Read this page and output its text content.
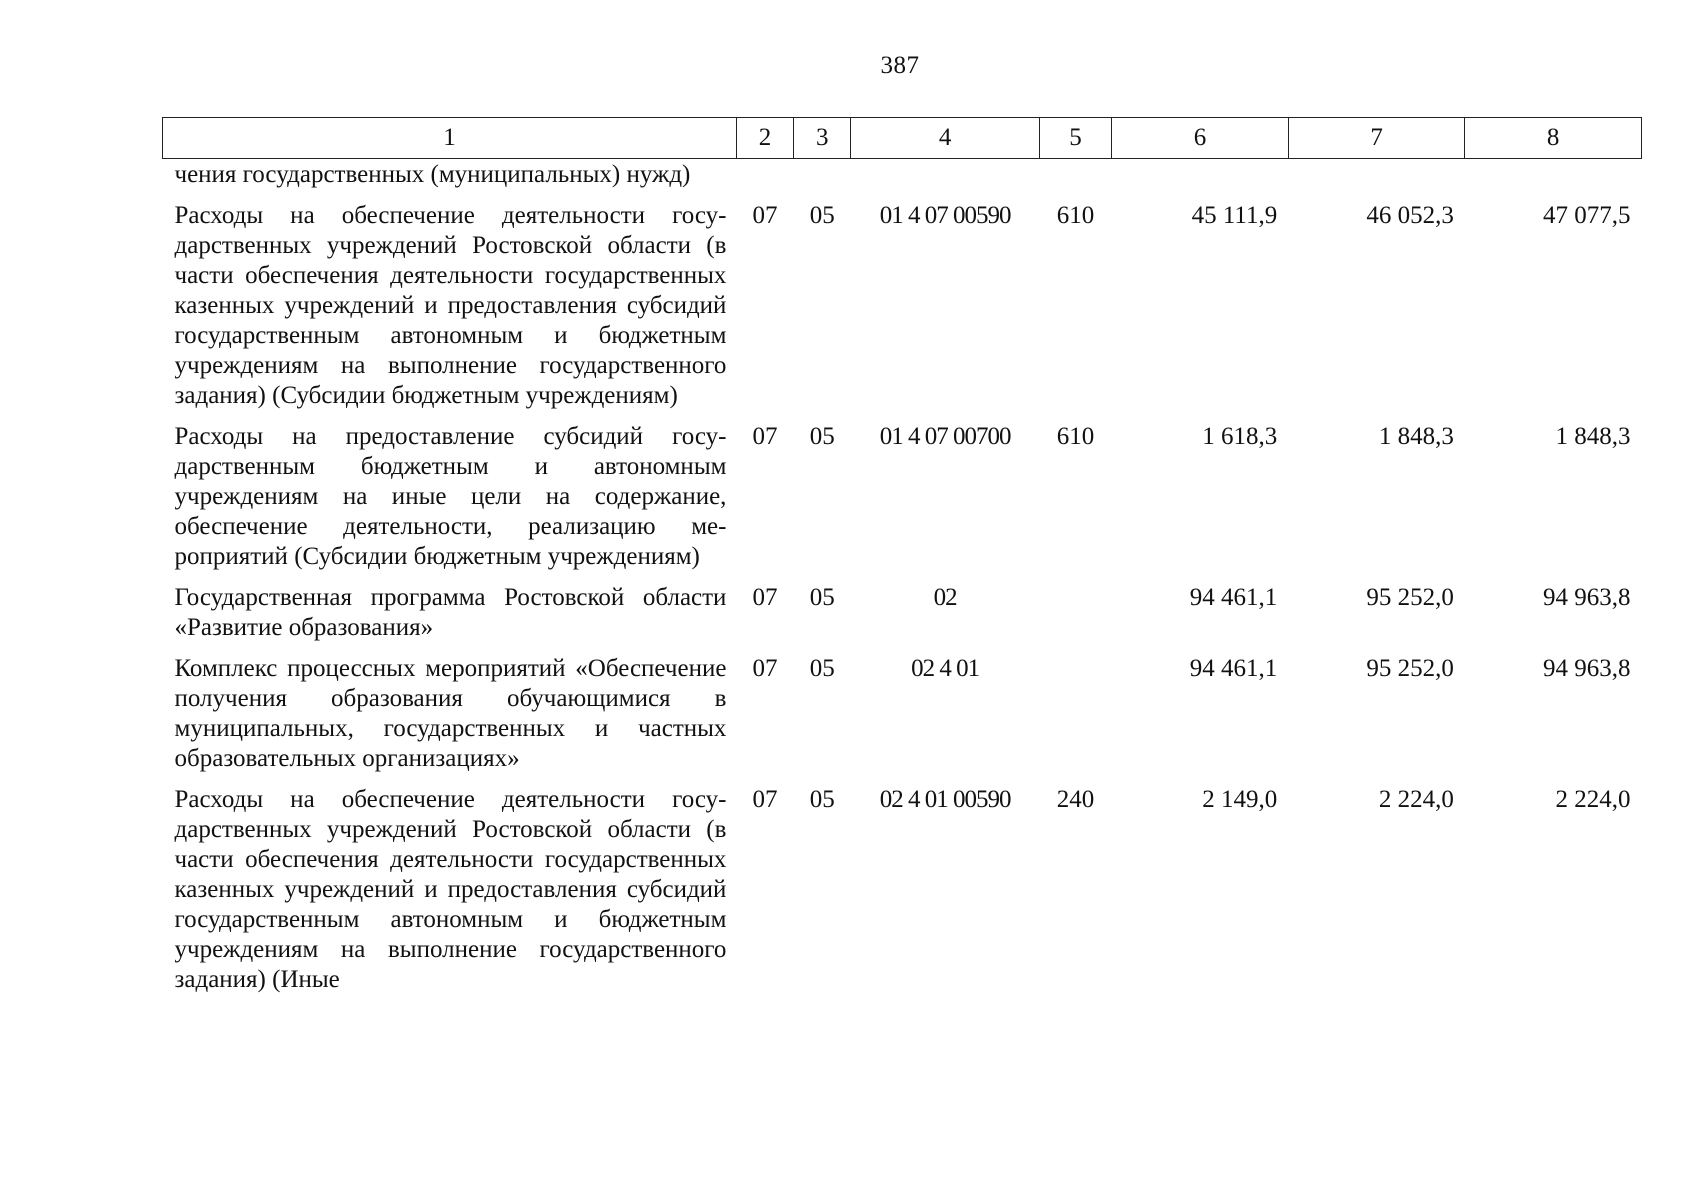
387
1	2	3	4	5	6	7	8
чения государственных (муниципальных) нужд)							
Расходы на обеспечение деятельности государственных учреждений Ростовской области (в части обеспечения деятельности государственных казенных учреждений и предоставления субсидий государственным автономным и бюджетным учреждениям на выполнение государственного задания) (Субсидии бюджетным учреждениям)	07	05	01 4 07 00590	610	45 111,9	46 052,3	47 077,5
Расходы на предоставление субсидий государственным бюджетным и автономным учреждениям на иные цели на содержание, обеспечение деятельности, реализацию мероприятий (Субсидии бюджетным учреждениям)	07	05	01 4 07 00700	610	1 618,3	1 848,3	1 848,3
Государственная программа Ростовской области «Развитие образования»	07	05	02		94 461,1	95 252,0	94 963,8
Комплекс процессных мероприятий «Обеспечение получения образования обучающимися в муниципальных, государственных и частных образовательных организациях»	07	05	02 4 01		94 461,1	95 252,0	94 963,8
Расходы на обеспечение деятельности государственных учреждений Ростовской области (в части обеспечения деятельности государственных казенных учреждений и предоставления субсидий государственным автономным и бюджетным учреждениям на выполнение государственного задания) (Иные	07	05	02 4 01 00590	240	2 149,0	2 224,0	2 224,0
